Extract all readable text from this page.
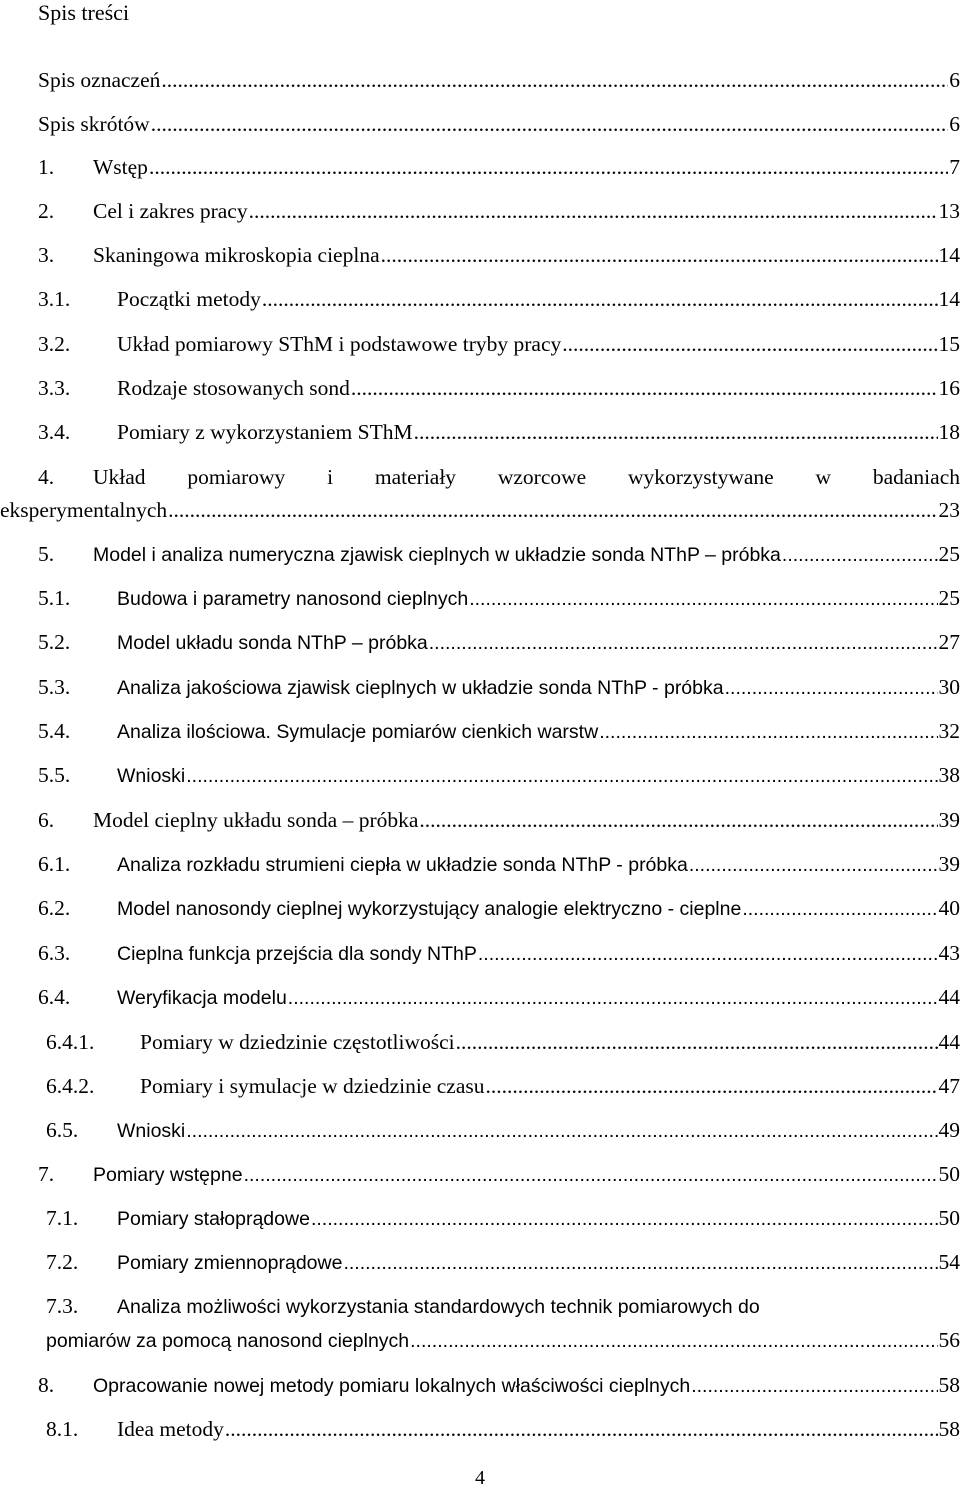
Spis treści
Spis oznaczeń .....	6
Spis skrótów .....	6
1.	Wstęp .....	7
2.	Cel i zakres pracy .....	13
3.	Skaningowa mikroskopia cieplna .....	14
3.1.	Początki metody .....	14
3.2.	Układ pomiarowy SThM i podstawowe tryby pracy .....	15
3.3.	Rodzaje stosowanych sond .....	16
3.4.	Pomiary z wykorzystaniem SThM .....	18
4.	Układ pomiarowy i materiały wzorcowe wykorzystywane w badaniach
eksperymentalnych .....	23
5.	Model i analiza numeryczna zjawisk cieplnych w układzie sonda NThP – próbka .....	25
5.1.	Budowa i parametry nanosond cieplnych .....	25
5.2.	Model układu sonda NThP – próbka .....	27
5.3.	Analiza jakościowa zjawisk cieplnych w układzie sonda NThP - próbka .....	30
5.4.	Analiza ilościowa. Symulacje pomiarów cienkich warstw .....	32
5.5.	Wnioski .....	38
6.	Model cieplny układu sonda – próbka .....	39
6.1.	Analiza rozkładu strumieni ciepła w układzie sonda NThP - próbka .....	39
6.2.	Model nanosondy cieplnej wykorzystujący analogie elektryczno - cieplne .....	40
6.3.	Cieplna funkcja przejścia dla sondy NThP .....	43
6.4.	Weryfikacja modelu .....	44
6.4.1.	Pomiary w dziedzinie częstotliwości .....	44
6.4.2.	Pomiary i symulacje w dziedzinie czasu .....	47
6.5.	Wnioski .....	49
7.	Pomiary wstępne .....	50
7.1.	Pomiary stałoprądowe .....	50
7.2.	Pomiary zmiennoprądowe .....	54
7.3.	Analiza możliwości wykorzystania standardowych technik pomiarowych do
pomiarów za pomocą nanosond cieplnych .....	56
8.	Opracowanie nowej metody pomiaru lokalnych właściwości cieplnych .....	58
8.1.	Idea metody .....	58
4
